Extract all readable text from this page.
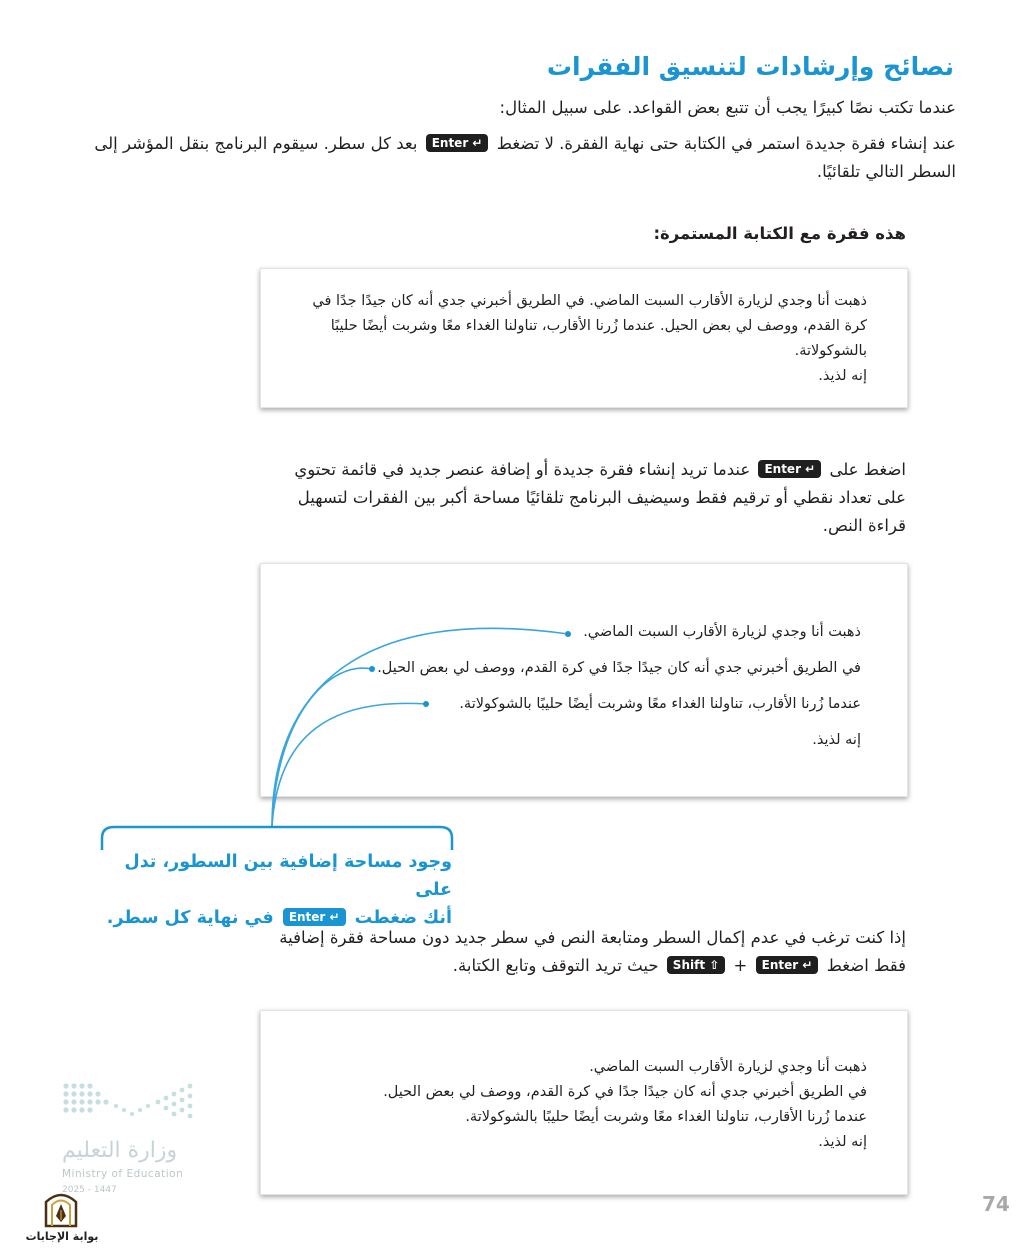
نصائح وإرشادات لتنسيق الفقرات
عندما تكتب نصًا كبيرًا يجب أن تتبع بعض القواعد. على سبيل المثال:
عند إنشاء فقرة جديدة استمر في الكتابة حتى نهاية الفقرة. لا تضغط Enter ↵ بعد كل سطر. سيقوم البرنامج بنقل المؤشر إلى السطر التالي تلقائيًا.
هذه فقرة مع الكتابة المستمرة:
ذهبت أنا وجدي لزيارة الأقارب السبت الماضي. في الطريق أخبرني جدي أنه كان جيدًا جدًا في
كرة القدم، ووصف لي بعض الحيل. عندما زُرنا الأقارب، تناولنا الغداء معًا وشربت أيضًا حليبًا
بالشوكولاتة.
إنه لذيذ.
اضغط على Enter ↵ عندما تريد إنشاء فقرة جديدة أو إضافة عنصر جديد في قائمة تحتوي
على تعداد نقطي أو ترقيم فقط وسيضيف البرنامج تلقائيًا مساحة أكبر بين الفقرات لتسهيل
قراءة النص.
ذهبت أنا وجدي لزيارة الأقارب السبت الماضي.
في الطريق أخبرني جدي أنه كان جيدًا جدًا في كرة القدم، ووصف لي بعض الحيل.
عندما زُرنا الأقارب، تناولنا الغداء معًا وشربت أيضًا حليبًا بالشوكولاتة.
إنه لذيذ.
وجود مساحة إضافية بين السطور، تدل على
أنك ضغطت Enter ↵ في نهاية كل سطر.
إذا كنت ترغب في عدم إكمال السطر ومتابعة النص في سطر جديد دون مساحة فقرة إضافية
فقط اضغط Enter ↵ + Shift ⇧ حيث تريد التوقف وتابع الكتابة.
ذهبت أنا وجدي لزيارة الأقارب السبت الماضي.
في الطريق أخبرني جدي أنه كان جيدًا جدًا في كرة القدم، ووصف لي بعض الحيل.
عندما زُرنا الأقارب، تناولنا الغداء معًا وشربت أيضًا حليبًا بالشوكولاتة.
إنه لذيذ.
وزارة التعليم
Ministry of Education
2025 - 1447
بوابة الإجابات
74
